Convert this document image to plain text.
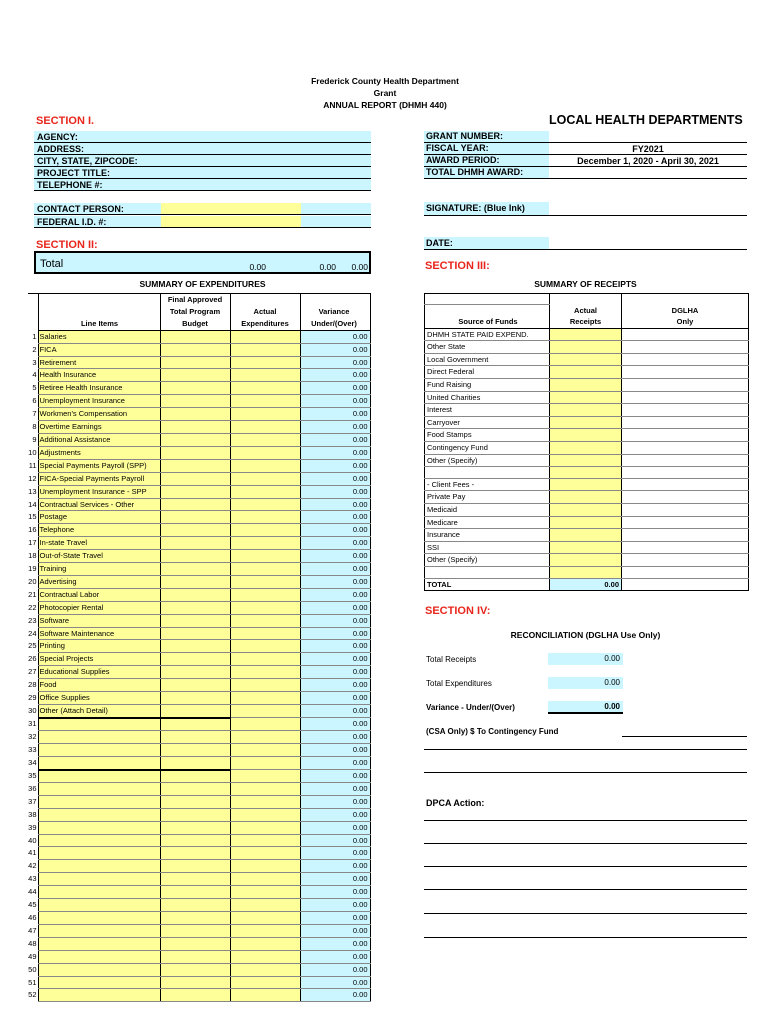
Frederick County Health Department
Grant
ANNUAL REPORT (DHMH 440)
SECTION I.	LOCAL HEALTH DEPARTMENTS
AGENCY:
ADDRESS:
CITY, STATE, ZIPCODE:
PROJECT TITLE:
TELEPHONE #:
GRANT NUMBER:
FISCAL YEAR:	FY2021
AWARD PERIOD:	December 1, 2020 - April 30, 2021
TOTAL DHMH AWARD:
CONTACT PERSON:
FEDERAL I.D. #:
SIGNATURE: (Blue Ink)
SECTION II:	DATE:
Total	0.00	0.00	0.00	SECTION III:
SUMMARY OF EXPENDITURES	SUMMARY OF RECEIPTS
	Line Items	Final Approved		
		Total Program	Actual	Variance
		Budget	Expenditures	Under/(Over)
1	Salaries			0.00
2	FICA			0.00
3	Retirement			0.00
4	Health Insurance			0.00
5	Retiree Health Insurance			0.00
6	Unemployment Insurance			0.00
7	Workmen's Compensation			0.00
8	Overtime Earnings			0.00
9	Additional Assistance			0.00
10	Adjustments			0.00
11	Special Payments Payroll (SPP)			0.00
12	FICA-Special Payments Payroll			0.00
13	Unemployment Insurance - SPP			0.00
14	Contractual Services - Other			0.00
15	Postage			0.00
16	Telephone			0.00
17	In-state Travel			0.00
18	Out-of-State Travel			0.00
19	Training			0.00
20	Advertising			0.00
21	Contractual Labor			0.00
22	Photocopier Rental			0.00
23	Software			0.00
24	Software Maintenance			0.00
25	Printing			0.00
26	Special Projects			0.00
27	Educational Supplies			0.00
28	Food			0.00
29	Office Supplies			0.00
30	Other (Attach Detail)			0.00
31				0.00
32				0.00
33				0.00
34				0.00
35				0.00
36				0.00
37				0.00
38				0.00
39				0.00
40				0.00
41				0.00
42				0.00
43				0.00
44				0.00
45				0.00
46				0.00
47				0.00
48				0.00
49				0.00
50				0.00
51				0.00
52				0.00

	Actual	DGLHA
Source of Funds	Receipts	Only
DHMH STATE PAID EXPEND.		
Other State		
Local Government		
Direct Federal		
Fund Raising		
United Charities		
Interest		
Carryover		
Food Stamps		
Contingency Fund		
Other (Specify)		

- Client Fees -		
Private Pay		
Medicaid		
Medicare		
Insurance		
SSI		
Other (Specify)		

TOTAL	0.00	
SECTION IV:
RECONCILIATION (DGLHA Use Only)
Total Receipts	0.00
Total Expenditures	0.00
Variance - Under/(Over)	0.00
(CSA Only) $ To Contingency Fund
DPCA Action:
